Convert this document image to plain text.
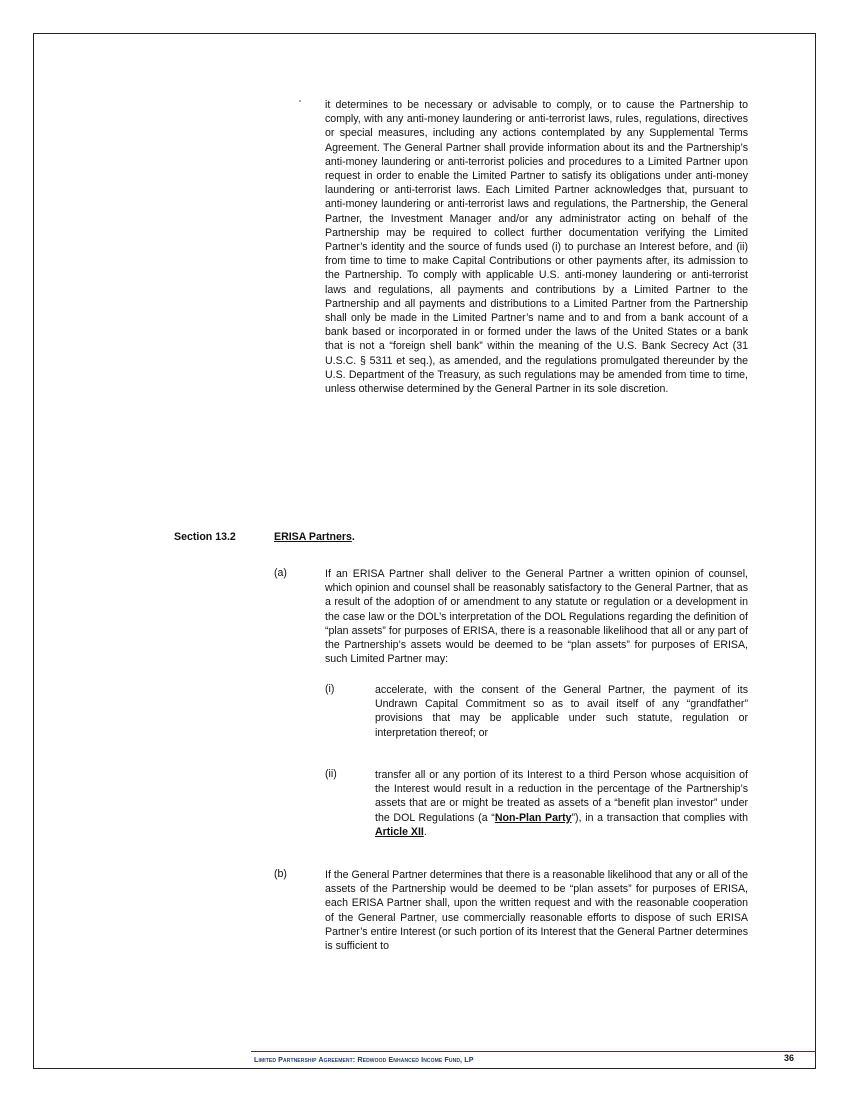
it determines to be necessary or advisable to comply, or to cause the Partnership to comply, with any anti-money laundering or anti-terrorist laws, rules, regulations, directives or special measures, including any actions contemplated by any Supplemental Terms Agreement. The General Partner shall provide information about its and the Partnership’s anti-money laundering or anti-terrorist policies and procedures to a Limited Partner upon request in order to enable the Limited Partner to satisfy its obligations under anti-money laundering or anti-terrorist laws. Each Limited Partner acknowledges that, pursuant to anti-money laundering or anti-terrorist laws and regulations, the Partnership, the General Partner, the Investment Manager and/or any administrator acting on behalf of the Partnership may be required to collect further documentation verifying the Limited Partner’s identity and the source of funds used (i) to purchase an Interest before, and (ii) from time to time to make Capital Contributions or other payments after, its admission to the Partnership. To comply with applicable U.S. anti-money laundering or anti-terrorist laws and regulations, all payments and contributions by a Limited Partner to the Partnership and all payments and distributions to a Limited Partner from the Partnership shall only be made in the Limited Partner’s name and to and from a bank account of a bank based or incorporated in or formed under the laws of the United States or a bank that is not a “foreign shell bank” within the meaning of the U.S. Bank Secrecy Act (31 U.S.C. § 5311 et seq.), as amended, and the regulations promulgated thereunder by the U.S. Department of the Treasury, as such regulations may be amended from time to time, unless otherwise determined by the General Partner in its sole discretion.

Section 13.2	ERISA Partners.
(a)	If an ERISA Partner shall deliver to the General Partner a written opinion of counsel, which opinion and counsel shall be reasonably satisfactory to the General Partner, that as a result of the adoption of or amendment to any statute or regulation or a development in the case law or the DOL’s interpretation of the DOL Regulations regarding the definition of “plan assets” for purposes of ERISA, there is a reasonable likelihood that all or any part of the Partnership’s assets would be deemed to be “plan assets” for purposes of ERISA, such Limited Partner may:

(i)	accelerate, with the consent of the General Partner, the payment of its Undrawn Capital Commitment so as to avail itself of any “grandfather” provisions that may be applicable under such statute, regulation or interpretation thereof; or

(ii)	transfer all or any portion of its Interest to a third Person whose acquisition of the Interest would result in a reduction in the percentage of the Partnership’s assets that are or might be treated as assets of a “benefit plan investor” under the DOL Regulations (a “Non-Plan Party”), in a transaction that complies with Article XII.

(b)	If the General Partner determines that there is a reasonable likelihood that any or all of the assets of the Partnership would be deemed to be “plan assets” for purposes of ERISA, each ERISA Partner shall, upon the written request and with the reasonable cooperation of the General Partner, use commercially reasonable efforts to dispose of such ERISA Partner’s entire Interest (or such portion of its Interest that the General Partner determines is sufficient to

Limited Partnership Agreement: Redwood Enhanced Income Fund, LP	36
